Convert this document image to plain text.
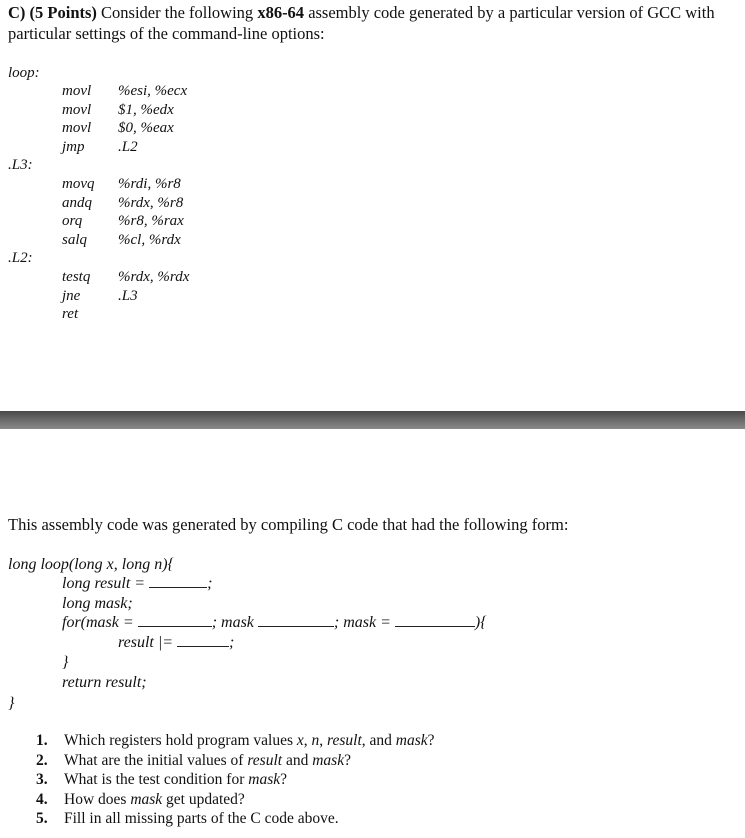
C) (5 Points) Consider the following x86-64 assembly code generated by a particular version of GCC with
particular settings of the command-line options:
loop:
movl %esi, %ecx
movl $1, %edx
movl $0, %eax
jmp .L2
.L3:
movq %rdi, %r8
andq %rdx, %r8
orq %r8, %rax
salq %cl, %rdx
.L2:
testq %rdx, %rdx
jne	.L3
ret
This assembly code was generated by compiling C code that had the following form:
long loop(long x, long n){
long result =	;
long mask;
for(mask =	; mask	; mask =	){
result |=	;
}
return result;
}
1. Which registers hold program values x, n, result, and mask?
2. What are the initial values of result and mask?
3. What is the test condition for mask?
4. How does mask get updated?
5. Fill in all missing parts of the C code above.
